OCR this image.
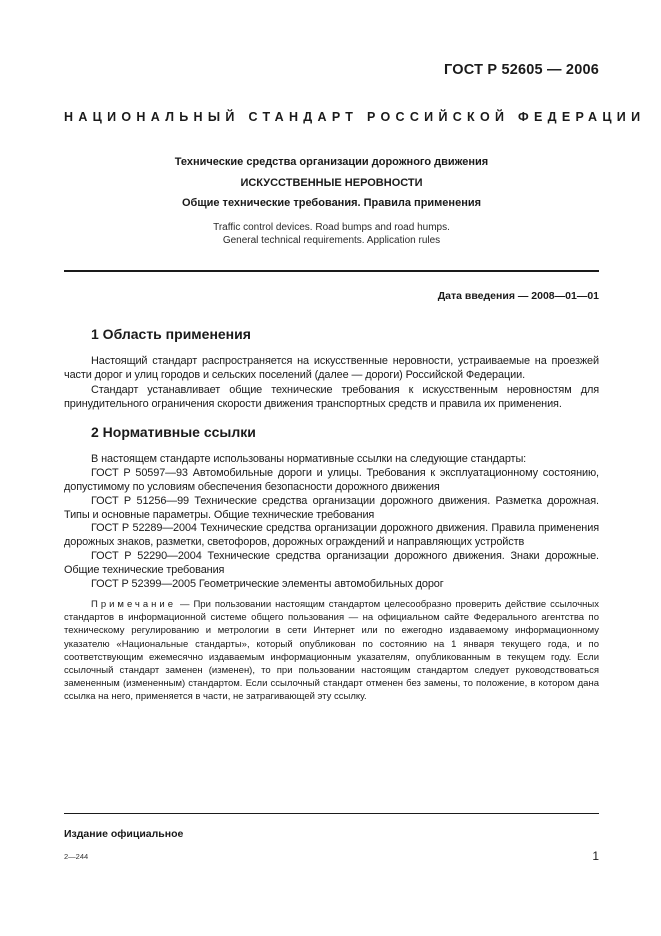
ГОСТ Р 52605 — 2006
НАЦИОНАЛЬНЫЙ СТАНДАРТ РОССИЙСКОЙ ФЕДЕРАЦИИ
Технические средства организации дорожного движения
ИСКУССТВЕННЫЕ НЕРОВНОСТИ
Общие технические требования. Правила применения
Traffic control devices. Road bumps and road humps.
General technical requirements. Application rules
Дата введения — 2008—01—01
1 Область применения

Настоящий стандарт распространяется на искусственные неровности, устраиваемые на проезжей части дорог и улиц городов и сельских поселений (далее — дороги) Российской Федерации.

Стандарт устанавливает общие технические требования к искусственным неровностям для принудительного ограничения скорости движения транспортных средств и правила их применения.

2 Нормативные ссылки

В настоящем стандарте использованы нормативные ссылки на следующие стандарты:

ГОСТ Р 50597—93 Автомобильные дороги и улицы. Требования к эксплуатационному состоянию, допустимому по условиям обеспечения безопасности дорожного движения

ГОСТ Р 51256—99 Технические средства организации дорожного движения. Разметка дорожная. Типы и основные параметры. Общие технические требования

ГОСТ Р 52289—2004 Технические средства организации дорожного движения. Правила применения дорожных знаков, разметки, светофоров, дорожных ограждений и направляющих устройств

ГОСТ Р 52290—2004 Технические средства организации дорожного движения. Знаки дорожные. Общие технические требования

ГОСТ Р 52399—2005 Геометрические элементы автомобильных дорог

Примечание — При пользовании настоящим стандартом целесообразно проверить действие ссылочных стандартов в информационной системе общего пользования — на официальном сайте Федерального агентства по техническому регулированию и метрологии в сети Интернет или по ежегодно издаваемому информационному указателю «Национальные стандарты», который опубликован по состоянию на 1 января текущего года, и по соответствующим ежемесячно издаваемым информационным указателям, опубликованным в текущем году. Если ссылочный стандарт заменен (изменен), то при пользовании настоящим стандартом следует руководствоваться замененным (измененным) стандартом. Если ссылочный стандарт отменен без замены, то положение, в котором дана ссылка на него, применяется в части, не затрагивающей эту ссылку.

Издание официальное
2—244	1
